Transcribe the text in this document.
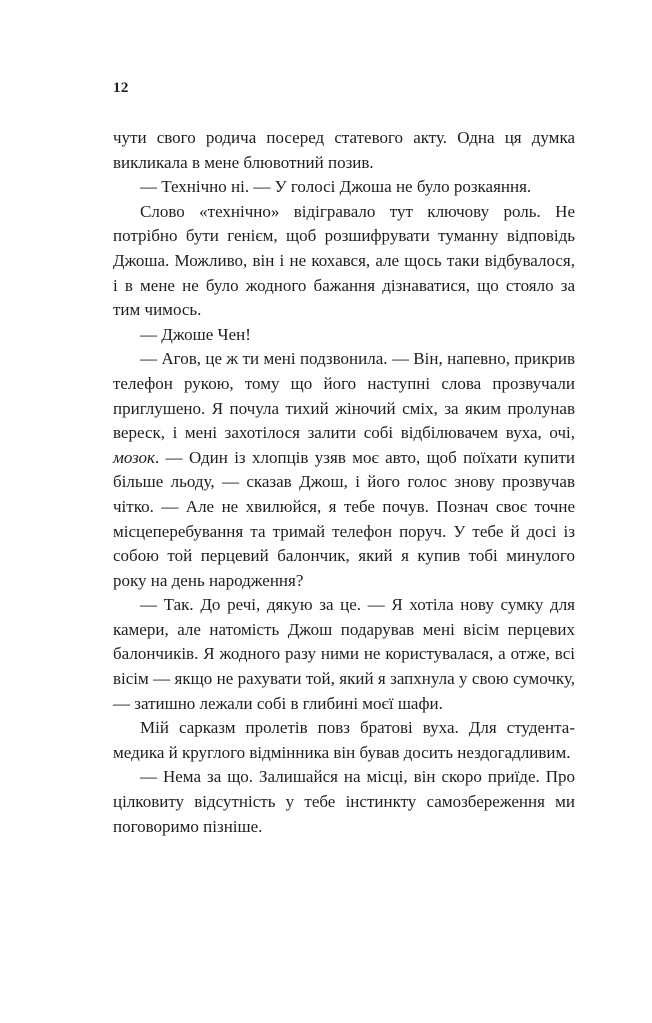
12

чути свого родича посеред статевого акту. Одна ця думка викликала в мене блювотний позив.

— Технічно ні. — У голосі Джоша не було розкаяння.

Слово «технічно» відігравало тут ключову роль. Не потрібно бути генієм, щоб розшифрувати туманну відповідь Джоша. Можливо, він і не кохався, але щось таки відбувалося, і в мене не було жодного бажання дізнаватися, що стояло за тим чимось.

— Джоше Чен!

— Агов, це ж ти мені подзвонила. — Він, напевно, прикрив телефон рукою, тому що його наступні слова прозвучали приглушено. Я почула тихий жіночий сміх, за яким пролунав вереск, і мені захотілося залити собі відбілювачем вуха, очі, мозок. — Один із хлопців узяв моє авто, щоб поїхати купити більше льоду, — сказав Джош, і його голос знову прозвучав чітко. — Але не хвилюйся, я тебе почув. Познач своє точне місцеперебування та тримай телефон поруч. У тебе й досі із собою той перцевий балончик, який я купив тобі минулого року на день народження?

— Так. До речі, дякую за це. — Я хотіла нову сумку для камери, але натомість Джош подарував мені вісім перцевих балончиків. Я жодного разу ними не користувалася, а отже, всі вісім — якщо не рахувати той, який я запхнула у свою сумочку, — затишно лежали собі в глибині моєї шафи.

Мій сарказм пролетів повз братові вуха. Для студента-медика й круглого відмінника він бував досить нездогадливим.

— Нема за що. Залишайся на місці, він скоро приїде. Про цілковиту відсутність у тебе інстинкту самозбереження ми поговоримо пізніше.
